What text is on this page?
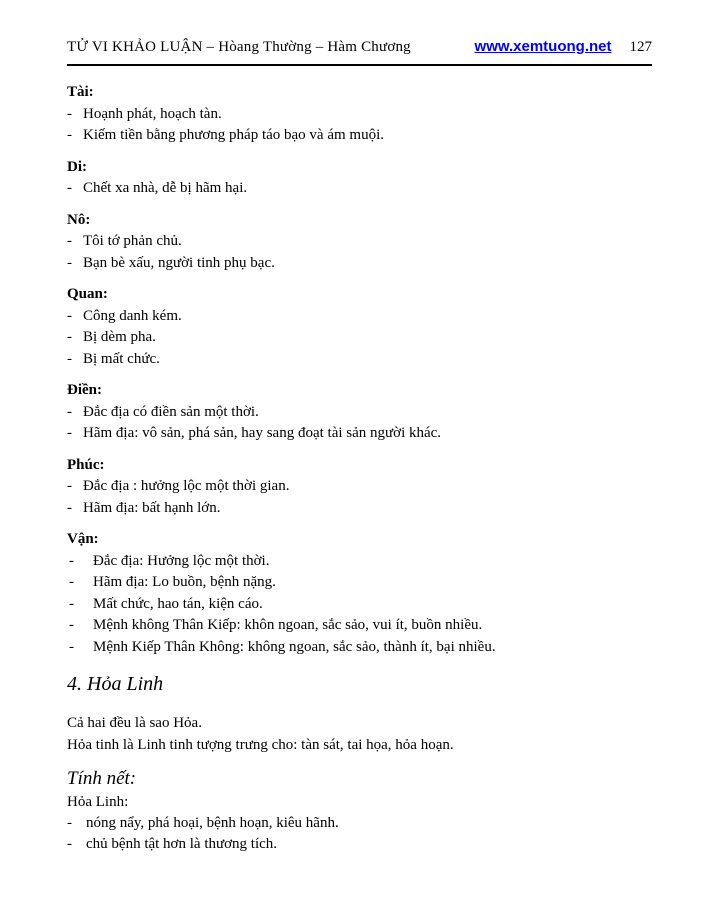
TỬ VI KHẢO LUẬN – Hòang Thường – Hàm Chương	www.xemtuong.net 127
Tài:
- Hoạnh phát, hoạch tàn.
- Kiếm tiền bằng phương pháp táo bạo và ám muội.
Di:
- Chết xa nhà, dễ bị hãm hại.
Nô:
- Tôi tớ phản chủ.
- Bạn bè xấu, người tinh phụ bạc.
Quan:
- Công danh kém.
- Bị dèm pha.
- Bị mất chức.
Điền:
- Đắc địa có điền sản một thời.
- Hãm địa: vô sản, phá sản, hay sang đoạt tài sản người khác.
Phúc:
- Đắc địa : hưởng lộc một thời gian.
- Hãm địa: bất hạnh lớn.
Vận:
- Đắc địa: Hưởng lộc một thời.
- Hãm địa: Lo buồn, bệnh nặng.
- Mất chức, hao tán, kiện cáo.
- Mệnh không Thân Kiếp: khôn ngoan, sắc sảo, vui ít, buồn nhiều.
- Mệnh Kiếp Thân Không: không ngoan, sắc sảo, thành ít, bại nhiều.
4. Hỏa Linh
Cả hai đều là sao Hỏa.
Hỏa tinh là Linh tinh tượng trưng cho: tàn sát, tai họa, hỏa hoạn.
Tính nết:
Hỏa Linh:
- nóng nẩy, phá hoại, bệnh hoạn, kiêu hãnh.
- chủ bệnh tật hơn là thương tích.
